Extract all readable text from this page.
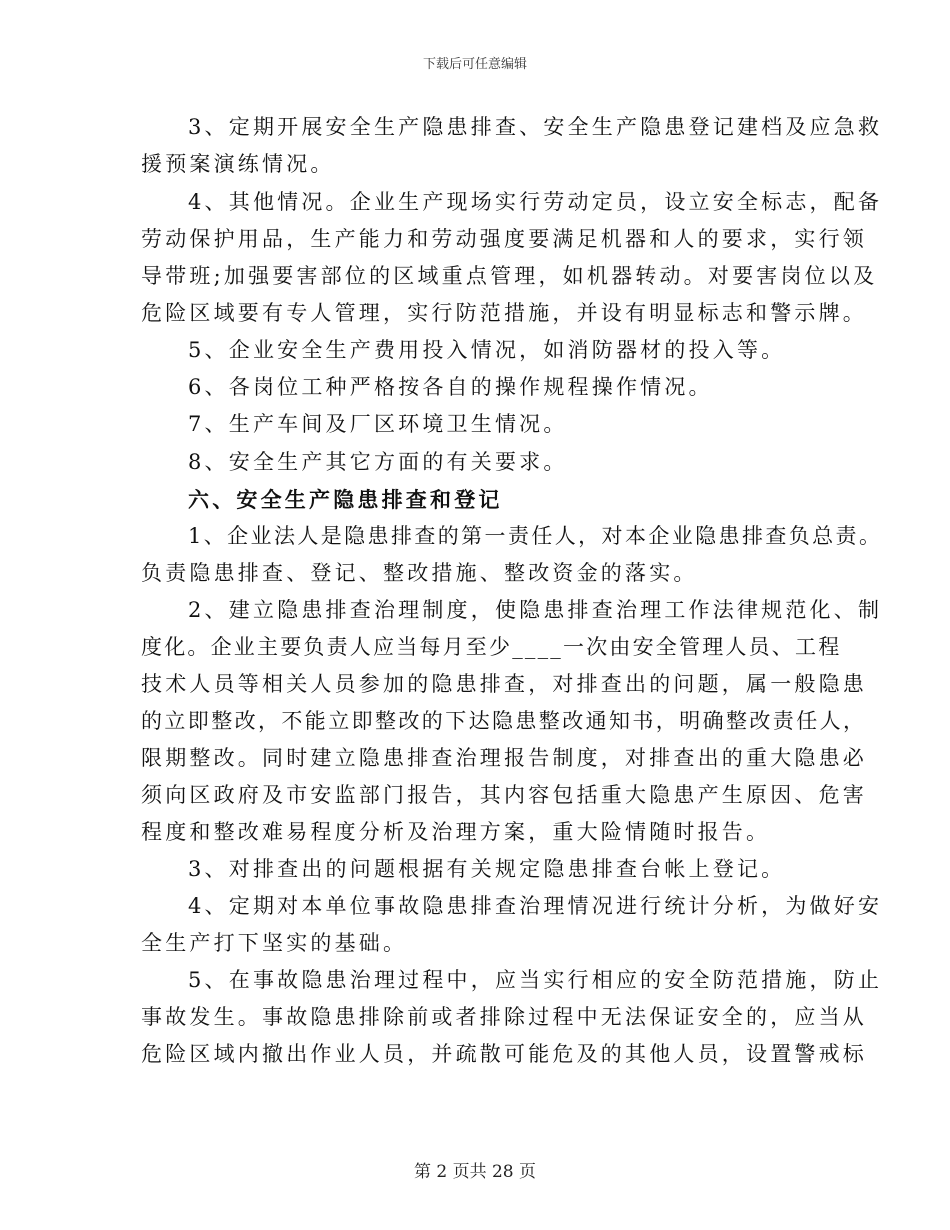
下载后可任意编辑
3、定期开展安全生产隐患排查、安全生产隐患登记建档及应急救
援预案演练情况。
4、其他情况。企业生产现场实行劳动定员，设立安全标志，配备
劳动保护用品，生产能力和劳动强度要满足机器和人的要求，实行领
导带班;加强要害部位的区域重点管理，如机器转动。对要害岗位以及
危险区域要有专人管理，实行防范措施，并设有明显标志和警示牌。
5、企业安全生产费用投入情况，如消防器材的投入等。
6、各岗位工种严格按各自的操作规程操作情况。
7、生产车间及厂区环境卫生情况。
8、安全生产其它方面的有关要求。
六、安全生产隐患排查和登记
1、企业法人是隐患排查的第一责任人，对本企业隐患排查负总责。
负责隐患排查、登记、整改措施、整改资金的落实。
2、建立隐患排查治理制度，使隐患排查治理工作法律规范化、制
度化。企业主要负责人应当每月至少____一次由安全管理人员、工程
技术人员等相关人员参加的隐患排查，对排查出的问题，属一般隐患
的立即整改，不能立即整改的下达隐患整改通知书，明确整改责任人，
限期整改。同时建立隐患排查治理报告制度，对排查出的重大隐患必
须向区政府及市安监部门报告，其内容包括重大隐患产生原因、危害
程度和整改难易程度分析及治理方案，重大险情随时报告。
3、对排查出的问题根据有关规定隐患排查台帐上登记。
4、定期对本单位事故隐患排查治理情况进行统计分析，为做好安
全生产打下坚实的基础。
5、在事故隐患治理过程中，应当实行相应的安全防范措施，防止
事故发生。事故隐患排除前或者排除过程中无法保证安全的，应当从
危险区域内撤出作业人员，并疏散可能危及的其他人员，设置警戒标
第 2 页共 28 页
